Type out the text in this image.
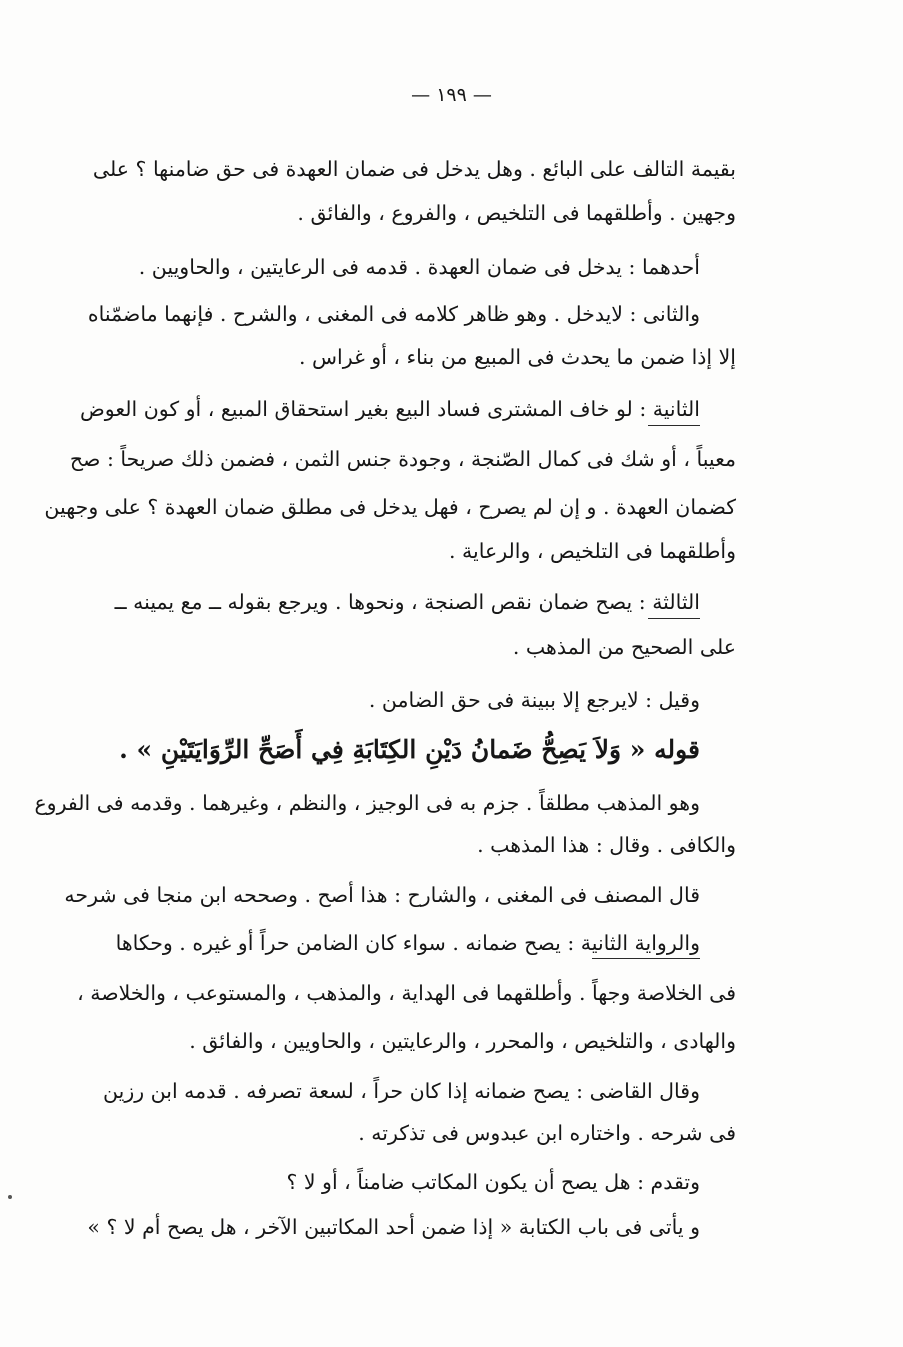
— ١٩٩ —
بقيمة التالف على البائع . وهل يدخل فى ضمان العهدة فى حق ضامنها ؟ على
وجهين . وأطلقهما فى التلخيص ، والفروع ، والفائق .
أحدهما : يدخل فى ضمان العهدة . قدمه فى الرعايتين ، والحاويين .
والثانى : لايدخل . وهو ظاهر كلامه فى المغنى ، والشرح . فإنهما ماضمّناه
إلا إذا ضمن ما يحدث فى المبيع من بناء ، أو غراس .
الثانية : لو خاف المشترى فساد البيع بغير استحقاق المبيع ، أو كون العوض
معيباً ، أو شك فى كمال الصّنجة ، وجودة جنس الثمن ، فضمن ذلك صريحاً : صح
كضمان العهدة . و إن لم يصرح ، فهل يدخل فى مطلق ضمان العهدة ؟ على وجهين
وأطلقهما فى التلخيص ، والرعاية .
الثالثة : يصح ضمان نقص الصنجة ، ونحوها . ويرجع بقوله ــ مع يمينه ــ
على الصحيح من المذهب .
وقيل : لايرجع إلا ببينة فى حق الضامن .
قوله « وَلاَ يَصِحُّ ضَمانُ دَيْنِ الكِتَابَةِ فِي أَصَحِّ الرِّوَايَتَيْنِ » .
وهو المذهب مطلقاً . جزم به فى الوجيز ، والنظم ، وغيرهما . وقدمه فى الفروع
والكافى . وقال : هذا المذهب .
قال المصنف فى المغنى ، والشارح : هذا أصح . وصححه ابن منجا فى شرحه
والرواية الثانية : يصح ضمانه . سواء كان الضامن حراً أو غيره . وحكاها
فى الخلاصة وجهاً . وأطلقهما فى الهداية ، والمذهب ، والمستوعب ، والخلاصة ،
والهادى ، والتلخيص ، والمحرر ، والرعايتين ، والحاويين ، والفائق .
وقال القاضى : يصح ضمانه إذا كان حراً ، لسعة تصرفه . قدمه ابن رزين
فى شرحه . واختاره ابن عبدوس فى تذكرته .
وتقدم : هل يصح أن يكون المكاتب ضامناً ، أو لا ؟
و يأتى فى باب الكتابة « إذا ضمن أحد المكاتبين الآخر ، هل يصح أم لا ؟ »
